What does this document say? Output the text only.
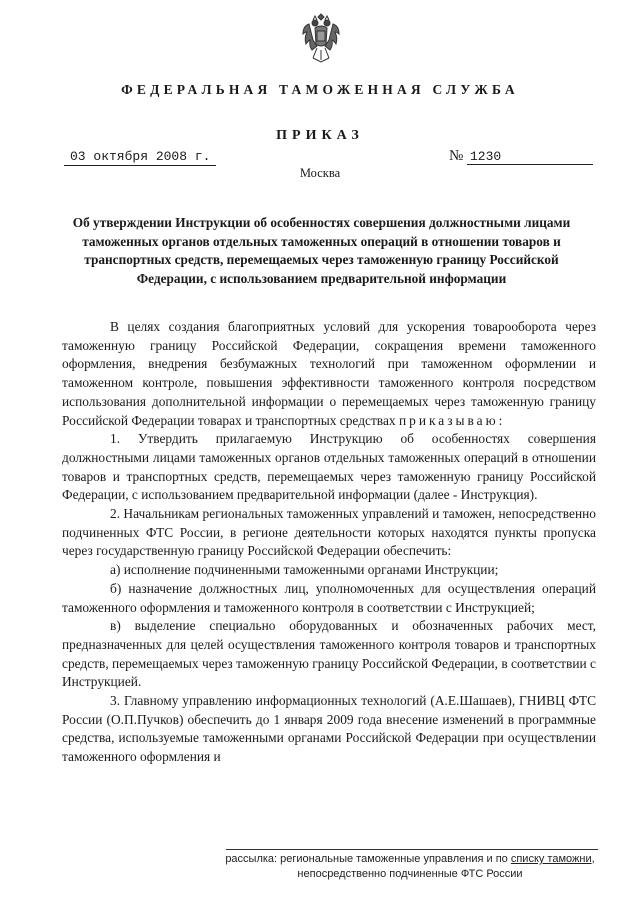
ФЕДЕРАЛЬНАЯ ТАМОЖЕННАЯ СЛУЖБА
ПРИКАЗ
03 октября 2008 г.	№ 1230
Москва
Об утверждении Инструкции об особенностях совершения должностными лицами таможенных органов отдельных таможенных операций в отношении товаров и транспортных средств, перемещаемых через таможенную границу Российской Федерации, с использованием предварительной информации

В целях создания благоприятных условий для ускорения товарооборота через таможенную границу Российской Федерации, сокращения времени таможенного оформления, внедрения безбумажных технологий при таможенном оформлении и таможенном контроле, повышения эффективности таможенного контроля посредством использования дополнительной информации о перемещаемых через таможенную границу Российской Федерации товарах и транспортных средствах приказываю:

1. Утвердить прилагаемую Инструкцию об особенностях совершения должностными лицами таможенных органов отдельных таможенных операций в отношении товаров и транспортных средств, перемещаемых через таможенную границу Российской Федерации, с использованием предварительной информации (далее - Инструкция).

2. Начальникам региональных таможенных управлений и таможен, непосредственно подчиненных ФТС России, в регионе деятельности которых находятся пункты пропуска через государственную границу Российской Федерации обеспечить:

а) исполнение подчиненными таможенными органами Инструкции;

б) назначение должностных лиц, уполномоченных для осуществления операций таможенного оформления и таможенного контроля в соответствии с Инструкцией;

в) выделение специально оборудованных и обозначенных рабочих мест, предназначенных для целей осуществления таможенного контроля товаров и транспортных средств, перемещаемых через таможенную границу Российской Федерации, в соответствии с Инструкцией.

3. Главному управлению информационных технологий (А.Е.Шашаев), ГНИВЦ ФТС России (О.П.Пучков) обеспечить до 1 января 2009 года внесение изменений в программные средства, используемые таможенными органами Российской Федерации при осуществлении таможенного оформления и

рассылка: региональные таможенные управления и по списку таможни,
непосредственно подчиненные ФТС России
